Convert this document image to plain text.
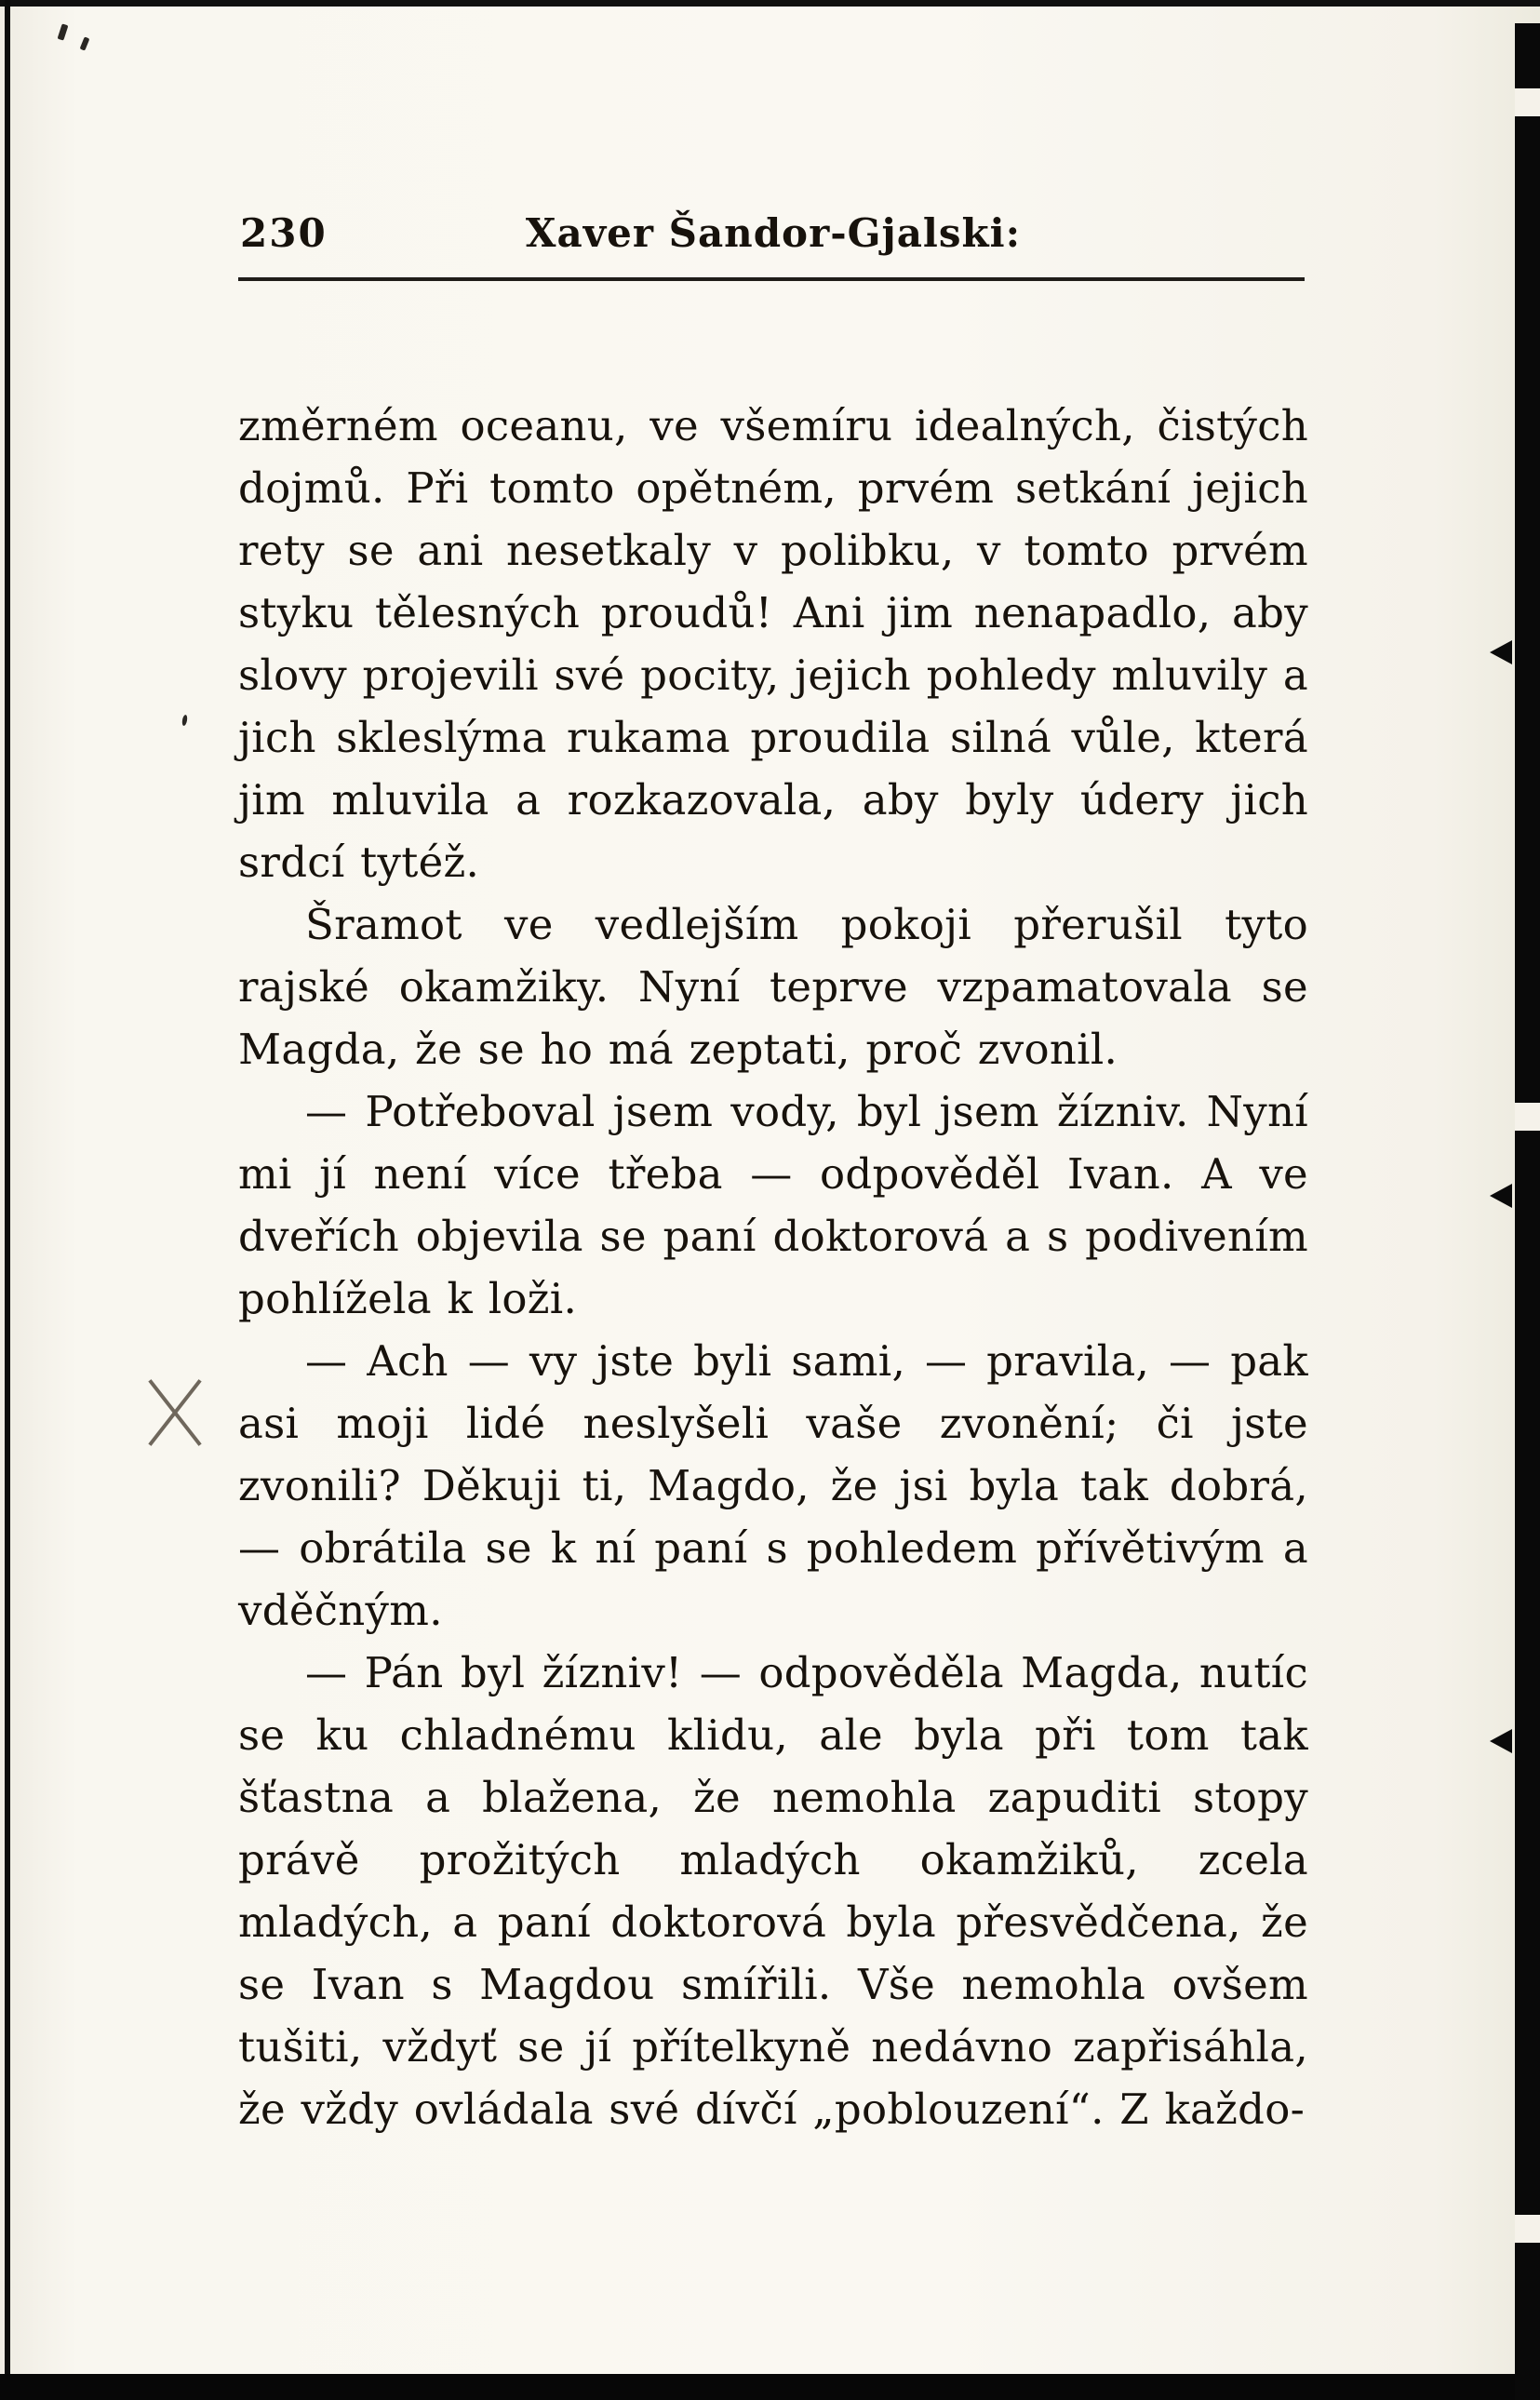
230	Xaver Šandor-Gjalski:

změrném oceanu, ve všemíru idealných, čistých dojmů. Při tomto opětném, prvém setkání jejich rety se ani nesetkaly v polibku, v tomto prvém styku tělesných proudů! Ani jim nenapadlo, aby slovy projevili své pocity, jejich pohledy mluvily a jich skleslýma rukama proudila silná vůle, která jim mluvila a rozkazovala, aby byly údery jich srdcí tytéž.

Šramot ve vedlejším pokoji přerušil tyto rajské okamžiky. Nyní teprve vzpamatovala se Magda, že se ho má zeptati, proč zvonil.

— Potřeboval jsem vody, byl jsem žízniv. Nyní mi jí není více třeba — odpověděl Ivan. A ve dveřích objevila se paní doktorová a s podivením pohlížela k loži.

— Ach — vy jste byli sami, — pravila, — pak asi moji lidé neslyšeli vaše zvonění; či jste zvonili? Děkuji ti, Magdo, že jsi byla tak dobrá, — obrátila se k ní paní s pohledem přívětivým a vděčným.

— Pán byl žízniv! — odpověděla Magda, nutíc se ku chladnému klidu, ale byla při tom tak šťastna a blažena, že nemohla zapuditi stopy právě prožitých mladých okamžiků, zcela mladých, a paní doktorová byla přesvědčena, že se Ivan s Magdou smířili. Vše nemohla ovšem tušiti, vždyť se jí přítelkyně nedávno zapřisáhla, že vždy ovládala své dívčí „poblouzení“. Z každo-
